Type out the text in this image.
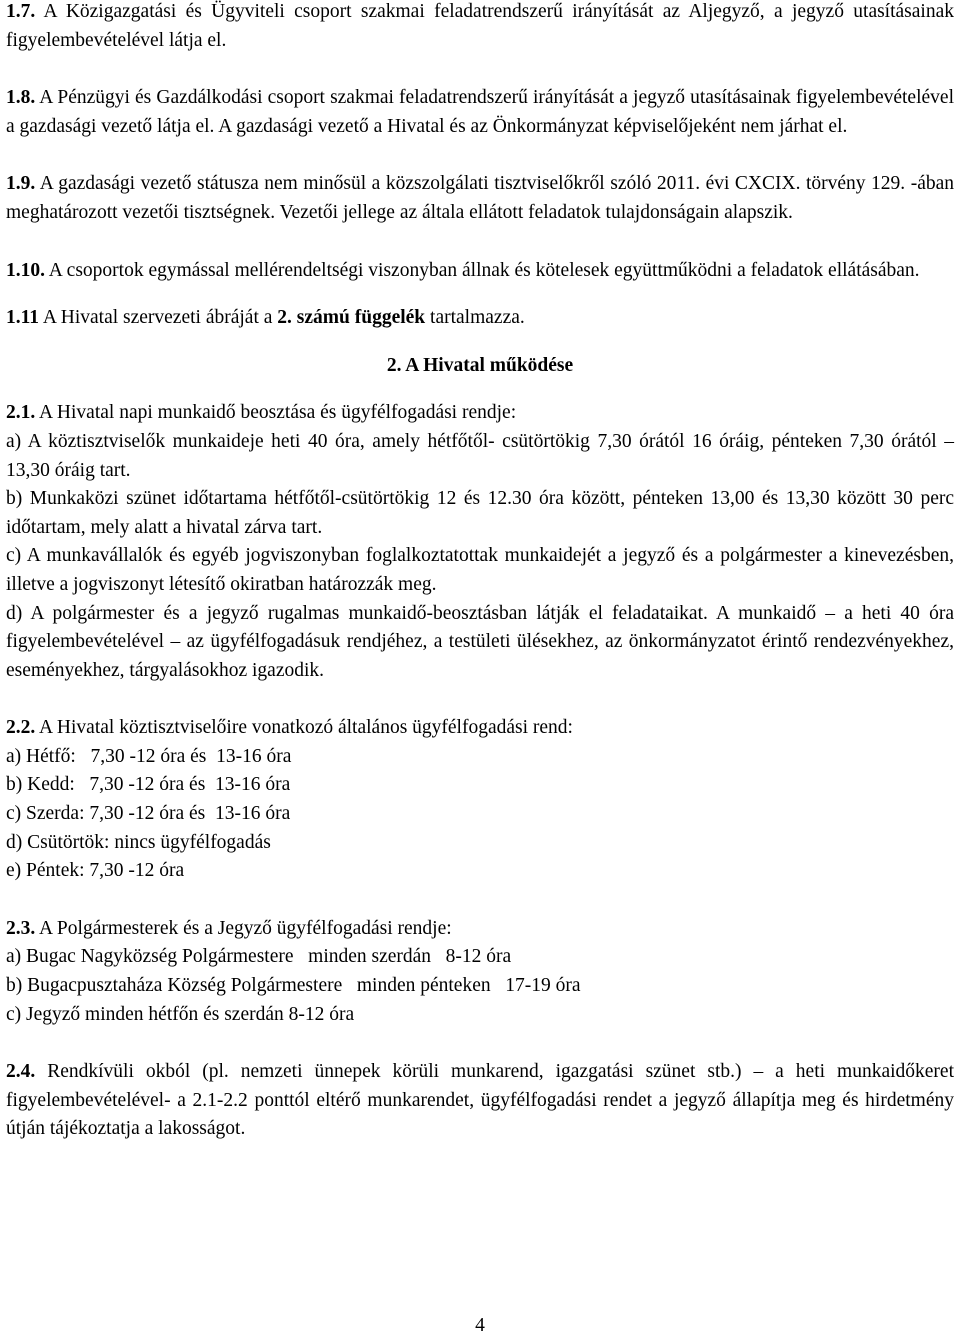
1.7. A Közigazgatási és Ügyviteli csoport szakmai feladatrendszerű irányítását az Aljegyző, a jegyző utasításainak figyelembevételével látja el.

1.8. A Pénzügyi és Gazdálkodási csoport szakmai feladatrendszerű irányítását a jegyző utasításainak figyelembevételével a gazdasági vezető látja el. A gazdasági vezető a Hivatal és az Önkormányzat képviselőjeként nem járhat el.

1.9. A gazdasági vezető státusza nem minősül a közszolgálati tisztviselőkről szóló 2011. évi CXCIX. törvény 129. -ában meghatározott vezetői tisztségnek. Vezetői jellege az általa ellátott feladatok tulajdonságain alapszik.

1.10. A csoportok egymással mellérendeltségi viszonyban állnak és kötelesek együttműködni a feladatok ellátásában.

1.11 A Hivatal szervezeti ábráját a 2. számú függelék tartalmazza.

2. A Hivatal működése

2.1. A Hivatal napi munkaidő beosztása és ügyfélfogadási rendje:

a) A köztisztviselők munkaideje heti 40 óra, amely hétfőtől- csütörtökig 7,30 órától 16 óráig, pénteken 7,30 órától – 13,30 óráig tart.

b) Munkaközi szünet időtartama hétfőtől-csütörtökig 12 és 12.30 óra között, pénteken 13,00 és 13,30 között 30 perc időtartam, mely alatt a hivatal zárva tart.

c) A munkavállalók és egyéb jogviszonyban foglalkoztatottak munkaidejét a jegyző és a polgármester a kinevezésben, illetve a jogviszonyt létesítő okiratban határozzák meg.

d) A polgármester és a jegyző rugalmas munkaidő-beosztásban látják el feladataikat. A munkaidő – a heti 40 óra figyelembevételével – az ügyfélfogadásuk rendjéhez, a testületi ülésekhez, az önkormányzatot érintő rendezvényekhez, eseményekhez, tárgyalásokhoz igazodik.

2.2. A Hivatal köztisztviselőire vonatkozó általános ügyfélfogadási rend:

a) Hétfő:   7,30 -12 óra és  13-16 óra
b) Kedd:   7,30 -12 óra és  13-16 óra
c) Szerda: 7,30 -12 óra és  13-16 óra
d) Csütörtök: nincs ügyfélfogadás
e) Péntek: 7,30 -12 óra

2.3. A Polgármesterek és a Jegyző ügyfélfogadási rendje:

a) Bugac Nagyközség Polgármestere   minden szerdán   8-12 óra
b) Bugacpusztaháza Község Polgármestere   minden pénteken   17-19 óra
c) Jegyző minden hétfőn és szerdán 8-12 óra

2.4. Rendkívüli okból (pl. nemzeti ünnepek körüli munkarend, igazgatási szünet stb.) – a heti munkaidőkeret figyelembevételével- a 2.1-2.2 ponttól eltérő munkarendet, ügyfélfogadási rendet a jegyző állapítja meg és hirdetmény útján tájékoztatja a lakosságot.

4
